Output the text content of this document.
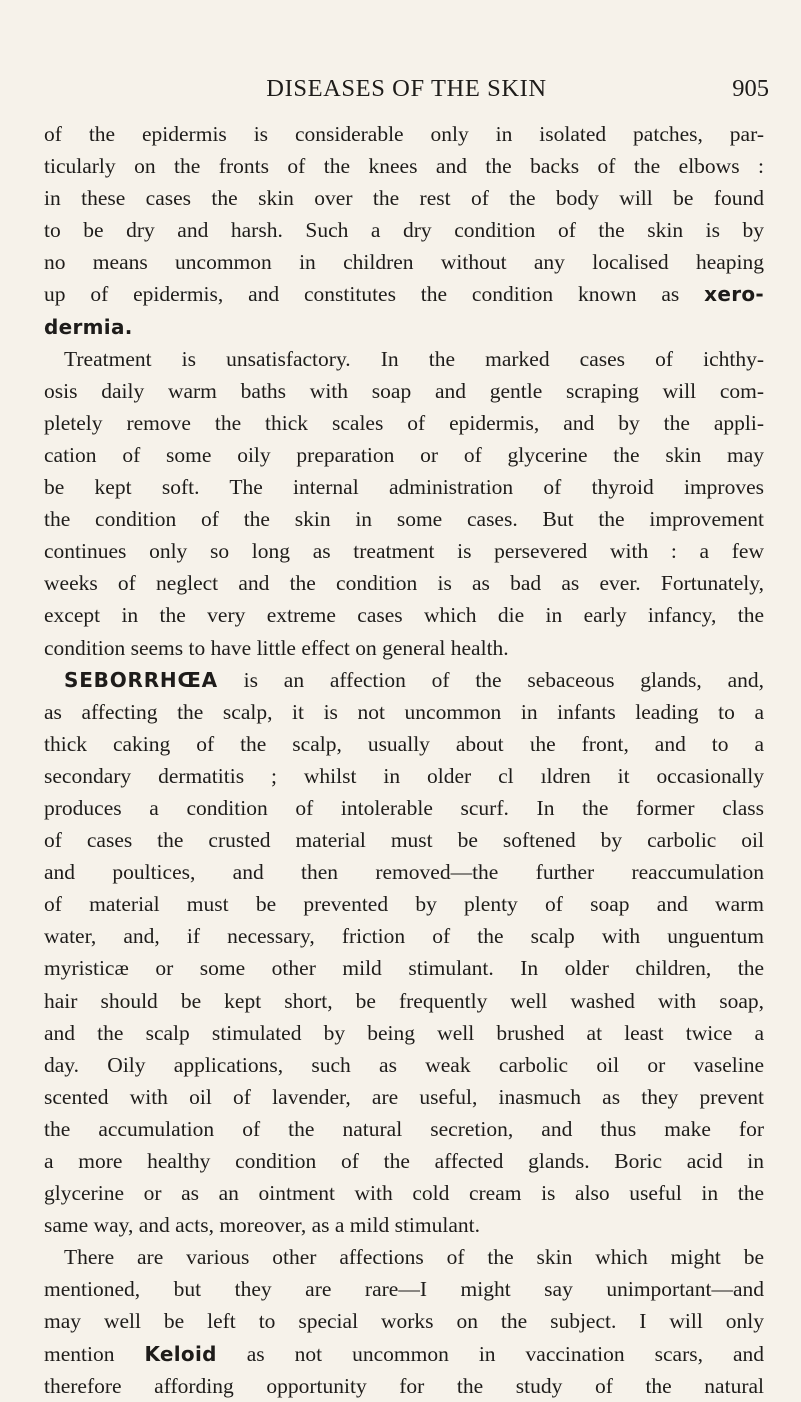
DISEASES OF THE SKIN	905
of the epidermis is considerable only in isolated patches, par-
ticularly on the fronts of the knees and the backs of the elbows :
in these cases the skin over the rest of the body will be found
to be dry and harsh. Such a dry condition of the skin is by
no means uncommon in children without any localised heaping
up of epidermis, and constitutes the condition known as xero-
dermia.
Treatment is unsatisfactory. In the marked cases of ichthy-
osis daily warm baths with soap and gentle scraping will com-
pletely remove the thick scales of epidermis, and by the appli-
cation of some oily preparation or of glycerine the skin may
be kept soft. The internal administration of thyroid improves
the condition of the skin in some cases. But the improvement
continues only so long as treatment is persevered with : a few
weeks of neglect and the condition is as bad as ever. Fortunately,
except in the very extreme cases which die in early infancy, the
condition seems to have little effect on general health.
SEBORRHŒA is an affection of the sebaceous glands, and,
as affecting the scalp, it is not uncommon in infants leading to a
thick caking of the scalp, usually about ιhe front, and to a
secondary dermatitis ; whilst in older cl ıldren it occasionally
produces a condition of intolerable scurf. In the former class
of cases the crusted material must be softened by carbolic oil
and poultices, and then removed—the further reaccumulation
of material must be prevented by plenty of soap and warm
water, and, if necessary, friction of the scalp with unguentum
myristicæ or some other mild stimulant. In older children, the
hair should be kept short, be frequently well washed with soap,
and the scalp stimulated by being well brushed at least twice a
day. Oily applications, such as weak carbolic oil or vaseline
scented with oil of lavender, are useful, inasmuch as they prevent
the accumulation of the natural secretion, and thus make for
a more healthy condition of the affected glands. Boric acid in
glycerine or as an ointment with cold cream is also useful in the
same way, and acts, moreover, as a mild stimulant.
There are various other affections of the skin which might be
mentioned, but they are rare—I might say unimportant—and
may well be left to special works on the subject. I will only
mention Keloid as not uncommon in vaccination scars, and
therefore affording opportunity for the study of the natural
